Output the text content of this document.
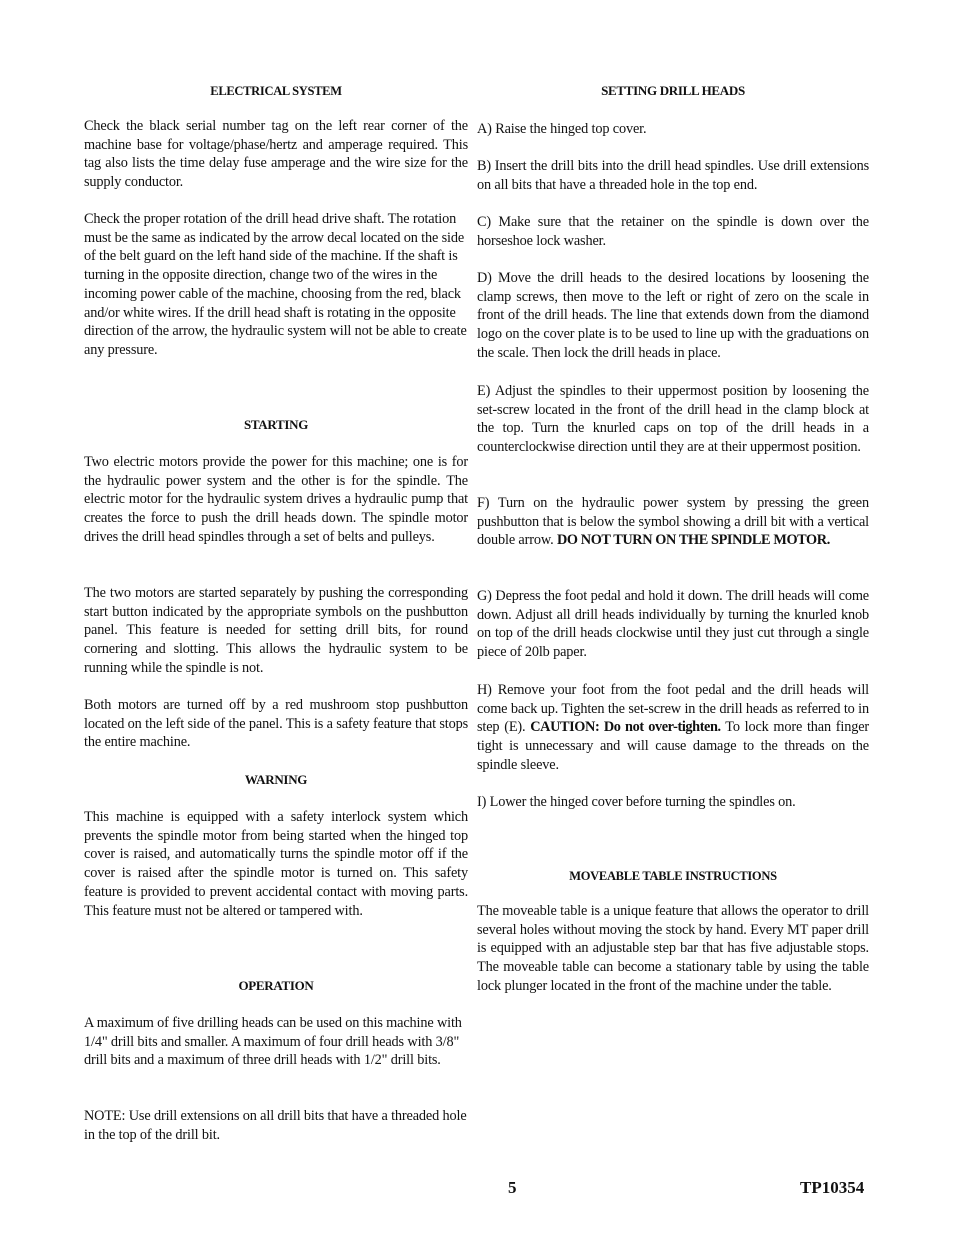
ELECTRICAL SYSTEM

Check the black serial number tag on the left rear corner of the machine base for voltage/phase/hertz and amperage required. This tag also lists the time delay fuse amperage and the wire size for the supply conductor.

Check the proper rotation of the drill head drive shaft. The rotation must be the same as indicated by the arrow decal located on the side of the belt guard on the left hand side of the machine. If the shaft is turning in the opposite direction, change two of the wires in the incoming power cable of the machine, choosing from the red, black and/or white wires. If the drill head shaft is rotating in the opposite direction of the arrow, the hydraulic system will not be able to create any pressure.

STARTING

Two electric motors provide the power for this machine; one is for the hydraulic power system and the other is for the spindle. The electric motor for the hydraulic system drives a hydraulic pump that creates the force to push the drill heads down. The spindle motor drives the drill head spindles through a set of belts and pulleys.

The two motors are started separately by pushing the corresponding start button indicated by the appropriate symbols on the pushbutton panel. This feature is needed for setting drill bits, for round cornering and slotting. This allows the hydraulic system to be running while the spindle is not.

Both motors are turned off by a red mushroom stop pushbutton located on the left side of the panel. This is a safety feature that stops the entire machine.

WARNING

This machine is equipped with a safety interlock system which prevents the spindle motor from being started when the hinged top cover is raised, and automatically turns the spindle motor off if the cover is raised after the spindle motor is turned on. This safety feature is provided to prevent accidental contact with moving parts. This feature must not be altered or tampered with.

OPERATION

A maximum of five drilling heads can be used on this machine with 1/4" drill bits and smaller. A maximum of four drill heads with 3/8" drill bits and a maximum of three drill heads with 1/2" drill bits.

NOTE: Use drill extensions on all drill bits that have a threaded hole in the top of the drill bit.

SETTING DRILL HEADS

A) Raise the hinged top cover.

B) Insert the drill bits into the drill head spindles. Use drill extensions on all bits that have a threaded hole in the top end.

C) Make sure that the retainer on the spindle is down over the horseshoe lock washer.

D) Move the drill heads to the desired locations by loosening the clamp screws, then move to the left or right of zero on the scale in front of the drill heads. The line that extends down from the diamond logo on the cover plate is to be used to line up with the graduations on the scale. Then lock the drill heads in place.

E) Adjust the spindles to their uppermost position by loosening the set-screw located in the front of the drill head in the clamp block at the top. Turn the knurled caps on top of the drill heads in a counterclockwise direction until they are at their uppermost position.

F) Turn on the hydraulic power system by pressing the green pushbutton that is below the symbol showing a drill bit with a vertical double arrow. DO NOT TURN ON THE SPINDLE MOTOR.

G) Depress the foot pedal and hold it down. The drill heads will come down. Adjust all drill heads individually by turning the knurled knob on top of the drill heads clockwise until they just cut through a single piece of 20lb paper.

H) Remove your foot from the foot pedal and the drill heads will come back up. Tighten the set-screw in the drill heads as referred to in step (E). CAUTION: Do not over-tighten. To lock more than finger tight is unnecessary and will cause damage to the threads on the spindle sleeve.

I) Lower the hinged cover before turning the spindles on.

MOVEABLE TABLE INSTRUCTIONS

The moveable table is a unique feature that allows the operator to drill several holes without moving the stock by hand. Every MT paper drill is equipped with an adjustable step bar that has five adjustable stops. The moveable table can become a stationary table by using the table lock plunger located in the front of the machine under the table.

5	TP10354
